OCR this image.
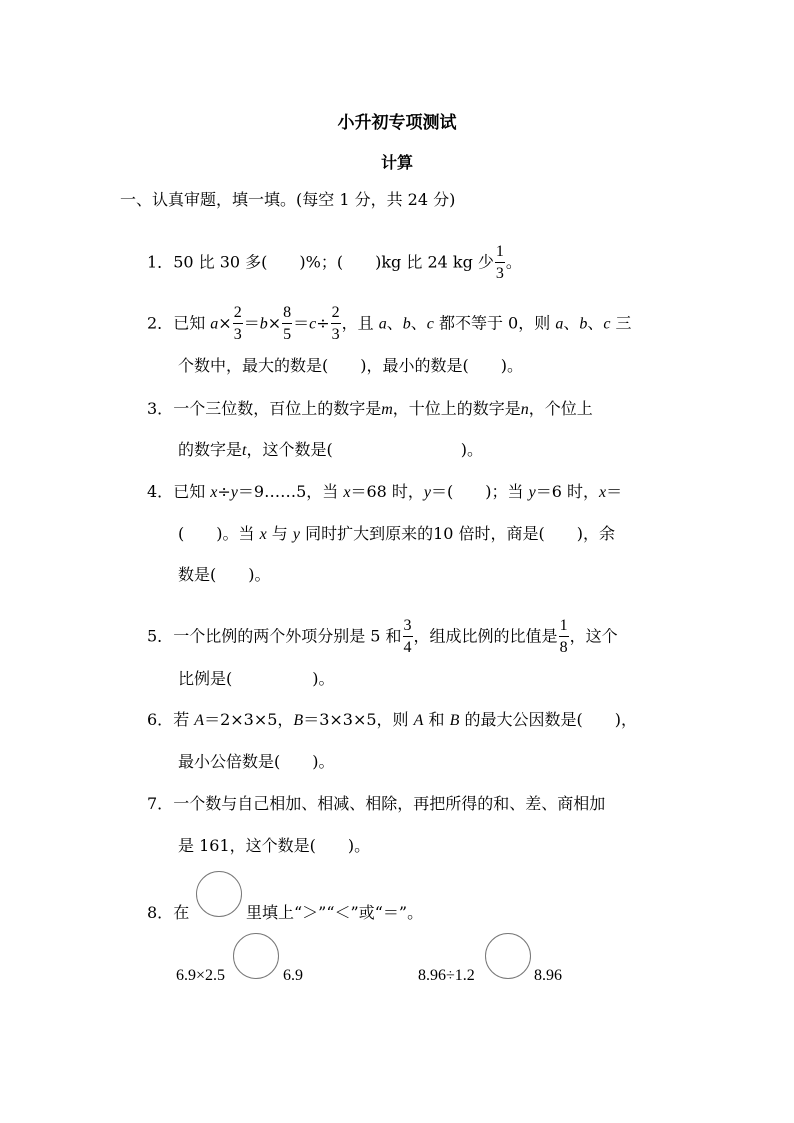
小升初专项测试
计算
一、认真审题，填一填。(每空 1 分，共 24 分)
1．50 比 30 多(　　)%；(　　)kg 比 24 kg 少 $\frac{1}{3}$ 。
2．已知 $a\times \frac{2}{3} =b\times \frac{8}{5} =c\div \frac{2}{3}$ ，且 a、b、c 都不等于 0，则 a、b、c 三
个数中，最大的数是(　　)，最小的数是(　　)。
3．一个三位数，百位上的数字是m，十位上的数字是n，个位上
的数字是t，这个数是(　　　　　　　　)。
4．已知 x÷y＝9……5，当 x＝68 时，y＝(　　)；当 y＝6 时，x＝
(　　)。当 x 与 y 同时扩大到原来的10 倍时，商是(　　)，余
数是(　　)。
5．一个比例的两个外项分别是 5 和 $\frac{3}{4}$ ，组成比例的比值是 $\frac{1}{8}$ ，这个
比例是(　　　　　)。
6．若 A＝2×3×5，B＝3×3×5，则 A 和 B 的最大公因数是(　　)，
最小公倍数是(　　)。
7．一个数与自己相加、相减、相除，再把所得的和、差、商相加
是 161，这个数是(　　)。
8．在	里填上“＞”“＜”或“＝”。
6.9×2.5	6.9	8.96÷1.2	8.96
